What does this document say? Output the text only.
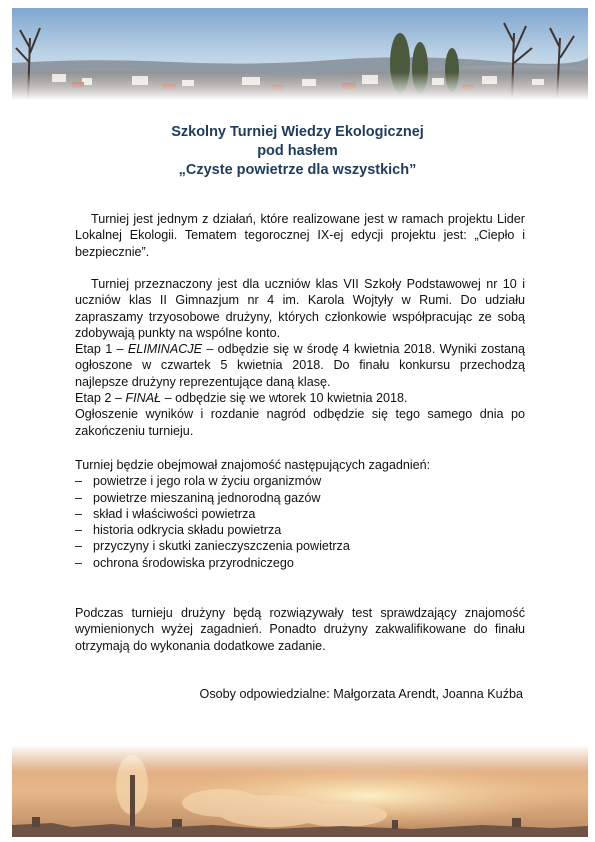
Szkolny Turniej Wiedzy Ekologicznej
pod hasłem
„Czyste powietrze dla wszystkich”

Turniej jest jednym z działań, które realizowane jest w ramach projektu Lider Lokalnej Ekologii. Tematem tegorocznej IX-ej edycji projektu jest: „Ciepło i bezpiecznie”.

Turniej przeznaczony jest dla uczniów klas VII Szkoły Podstawowej nr 10 i uczniów klas II Gimnazjum nr 4 im. Karola Wojtyły w Rumi. Do udziału zapraszamy trzyosobowe drużyny, których członkowie współpracując ze sobą zdobywają punkty na wspólne konto.

Etap 1 – ELIMINACJE – odbędzie się w środę 4 kwietnia 2018. Wyniki zostaną ogłoszone w czwartek 5 kwietnia 2018. Do finału konkursu przechodzą najlepsze drużyny reprezentujące daną klasę.

Etap 2 – FINAŁ – odbędzie się we wtorek 10 kwietnia 2018.

Ogłoszenie wyników i rozdanie nagród odbędzie się tego samego dnia po zakończeniu turnieju.

Turniej będzie obejmował znajomość następujących zagadnień:

– powietrze i jego rola w życiu organizmów
– powietrze mieszaniną jednorodną gazów
– skład i właściwości powietrza
– historia odkrycia składu powietrza
– przyczyny i skutki zanieczyszczenia powietrza
– ochrona środowiska przyrodniczego

Podczas turnieju drużyny będą rozwiązywały test sprawdzający znajomość wymienionych wyżej zagadnień. Ponadto drużyny zakwalifikowane do finału otrzymają do wykonania dodatkowe zadanie.

Osoby odpowiedzialne: Małgorzata Arendt, Joanna Kuźba
